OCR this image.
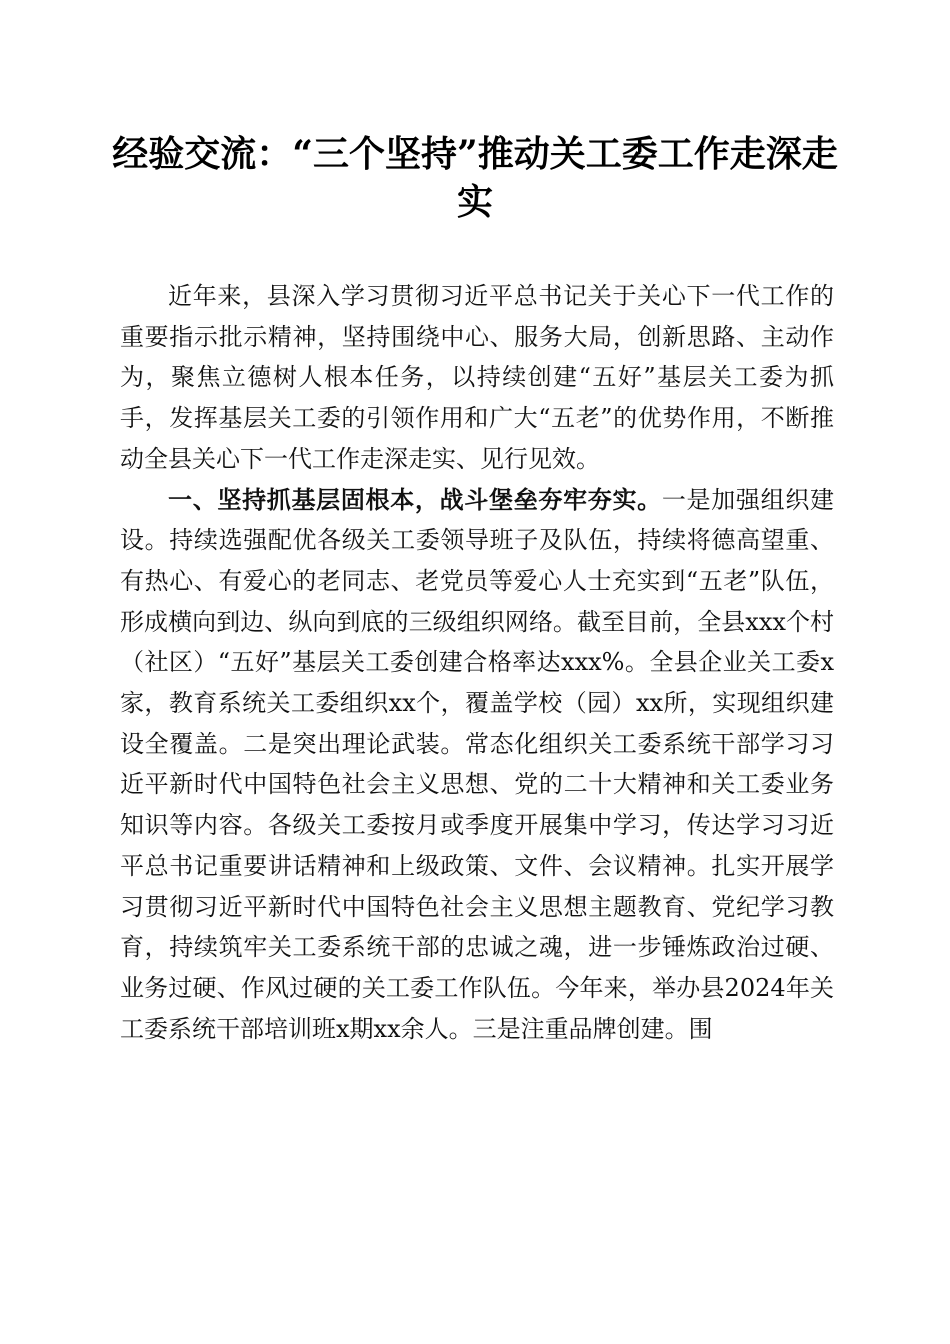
经验交流：“三个坚持”推动关工委工作走深走实

近年来，县深入学习贯彻习近平总书记关于关心下一代工作的重要指示批示精神，坚持围绕中心、服务大局，创新思路、主动作为，聚焦立德树人根本任务，以持续创建“五好”基层关工委为抓手，发挥基层关工委的引领作用和广大“五老”的优势作用，不断推动全县关心下一代工作走深走实、见行见效。

一、坚持抓基层固根本，战斗堡垒夯牢夯实。一是加强组织建设。持续选强配优各级关工委领导班子及队伍，持续将德高望重、有热心、有爱心的老同志、老党员等爱心人士充实到“五老”队伍，形成横向到边、纵向到底的三级组织网络。截至目前，全县xxx个村（社区）“五好”基层关工委创建合格率达xxx%。全县企业关工委x家，教育系统关工委组织xx个，覆盖学校（园）xx所，实现组织建设全覆盖。二是突出理论武装。常态化组织关工委系统干部学习习近平新时代中国特色社会主义思想、党的二十大精神和关工委业务知识等内容。各级关工委按月或季度开展集中学习，传达学习习近平总书记重要讲话精神和上级政策、文件、会议精神。扎实开展学习贯彻习近平新时代中国特色社会主义思想主题教育、党纪学习教育，持续筑牢关工委系统干部的忠诚之魂，进一步锤炼政治过硬、业务过硬、作风过硬的关工委工作队伍。今年来，举办县2024年关工委系统干部培训班x期xx余人。三是注重品牌创建。围
